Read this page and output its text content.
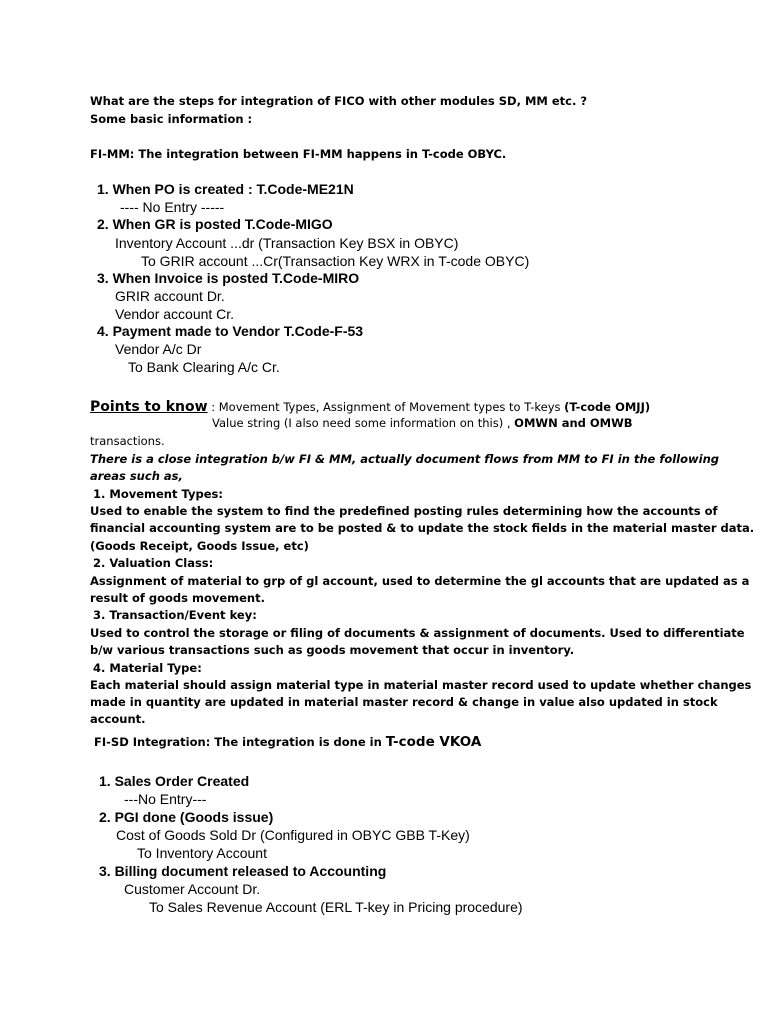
What are the steps for integration of FICO with other modules SD, MM etc. ?
Some basic information :
FI-MM: The integration between FI-MM happens in T-code OBYC.
1. When PO is created : T.Code-ME21N
---- No Entry -----
2. When GR is posted T.Code-MIGO
Inventory Account ...dr (Transaction Key BSX in OBYC)
To GRIR account ...Cr(Transaction Key WRX in T-code OBYC)
3. When Invoice is posted T.Code-MIRO
GRIR account Dr.
Vendor account Cr.
4. Payment made to Vendor T.Code-F-53
Vendor A/c Dr
To Bank Clearing A/c Cr.
Points to know : Movement Types, Assignment of Movement types to T-keys (T-code OMJJ)
Value string (I also need some information on this) , OMWN and OMWB
transactions.
There is a close integration b/w FI & MM, actually document flows from MM to FI in the following
areas such as,
1. Movement Types:
Used to enable the system to find the predefined posting rules determining how the accounts of
financial accounting system are to be posted & to update the stock fields in the material master data.
(Goods Receipt, Goods Issue, etc)
2. Valuation Class:
Assignment of material to grp of gl account, used to determine the gl accounts that are updated as a
result of goods movement.
3. Transaction/Event key:
Used to control the storage or filing of documents & assignment of documents. Used to differentiate
b/w various transactions such as goods movement that occur in inventory.
4. Material Type:
Each material should assign material type in material master record used to update whether changes
made in quantity are updated in material master record & change in value also updated in stock
account.
FI-SD Integration: The integration is done in T-code VKOA
1. Sales Order Created
---No Entry---
2. PGI done (Goods issue)
Cost of Goods Sold Dr (Configured in OBYC GBB T-Key)
To Inventory Account
3. Billing document released to Accounting
Customer Account Dr.
To Sales Revenue Account (ERL T-key in Pricing procedure)
